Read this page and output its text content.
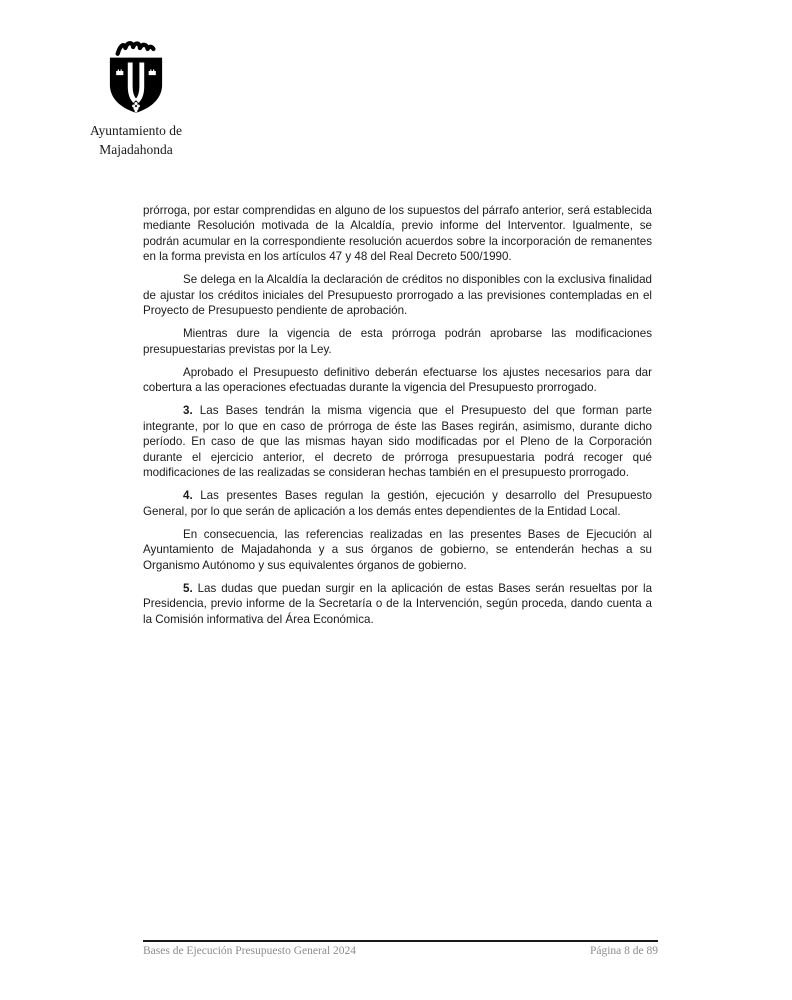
Ayuntamiento de
Majadahonda

prórroga, por estar comprendidas en alguno de los supuestos del párrafo anterior, será establecida mediante Resolución motivada de la Alcaldía, previo informe del Interventor. Igualmente, se podrán acumular en la correspondiente resolución acuerdos sobre la incorporación de remanentes en la forma prevista en los artículos 47 y 48 del Real Decreto 500/1990.

Se delega en la Alcaldía la declaración de créditos no disponibles con la exclusiva finalidad de ajustar los créditos iniciales del Presupuesto prorrogado a las previsiones contempladas en el Proyecto de Presupuesto pendiente de aprobación.

Mientras dure la vigencia de esta prórroga podrán aprobarse las modificaciones presupuestarias previstas por la Ley.

Aprobado el Presupuesto definitivo deberán efectuarse los ajustes necesarios para dar cobertura a las operaciones efectuadas durante la vigencia del Presupuesto prorrogado.

3. Las Bases tendrán la misma vigencia que el Presupuesto del que forman parte integrante, por lo que en caso de prórroga de éste las Bases regirán, asimismo, durante dicho período. En caso de que las mismas hayan sido modificadas por el Pleno de la Corporación durante el ejercicio anterior, el decreto de prórroga presupuestaria podrá recoger qué modificaciones de las realizadas se consideran hechas también en el presupuesto prorrogado.

4. Las presentes Bases regulan la gestión, ejecución y desarrollo del Presupuesto General, por lo que serán de aplicación a los demás entes dependientes de la Entidad Local.

En consecuencia, las referencias realizadas en las presentes Bases de Ejecución al Ayuntamiento de Majadahonda y a sus órganos de gobierno, se entenderán hechas a su Organismo Autónomo y sus equivalentes órganos de gobierno.

5. Las dudas que puedan surgir en la aplicación de estas Bases serán resueltas por la Presidencia, previo informe de la Secretaría o de la Intervención, según proceda, dando cuenta a la Comisión informativa del Área Económica.

Bases de Ejecución Presupuesto General 2024	Página 8 de 89
